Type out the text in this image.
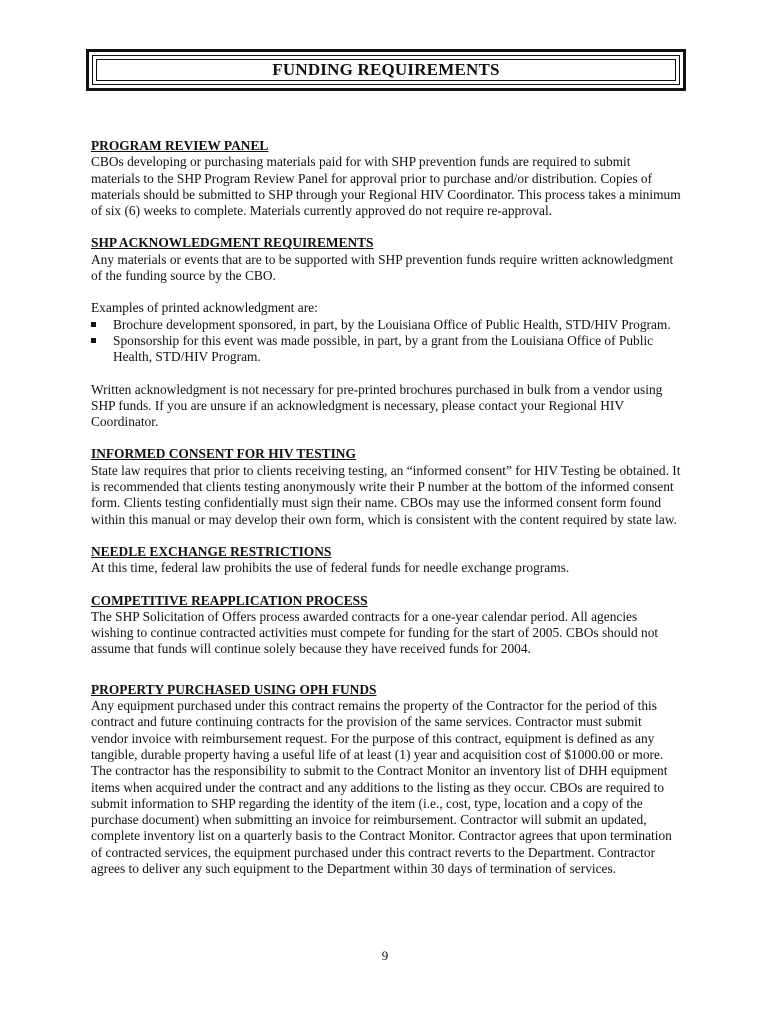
FUNDING REQUIREMENTS
PROGRAM REVIEW PANEL

CBOs developing or purchasing materials paid for with SHP prevention funds are required to submit materials to the SHP Program Review Panel for approval prior to purchase and/or distribution. Copies of materials should be submitted to SHP through your Regional HIV Coordinator. This process takes a minimum of six (6) weeks to complete. Materials currently approved do not require re-approval.

SHP ACKNOWLEDGMENT REQUIREMENTS

Any materials or events that are to be supported with SHP prevention funds require written acknowledgment of the funding source by the CBO.

Examples of printed acknowledgment are:

Brochure development sponsored, in part, by the Louisiana Office of Public Health, STD/HIV Program.
Sponsorship for this event was made possible, in part, by a grant from the Louisiana Office of Public Health, STD/HIV Program.

Written acknowledgment is not necessary for pre-printed brochures purchased in bulk from a vendor using SHP funds. If you are unsure if an acknowledgment is necessary, please contact your Regional HIV Coordinator.

INFORMED CONSENT FOR HIV TESTING

State law requires that prior to clients receiving testing, an “informed consent” for HIV Testing be obtained. It is recommended that clients testing anonymously write their P number at the bottom of the informed consent form. Clients testing confidentially must sign their name. CBOs may use the informed consent form found within this manual or may develop their own form, which is consistent with the content required by state law.

NEEDLE EXCHANGE RESTRICTIONS

At this time, federal law prohibits the use of federal funds for needle exchange programs.

COMPETITIVE REAPPLICATION PROCESS

The SHP Solicitation of Offers process awarded contracts for a one-year calendar period. All agencies wishing to continue contracted activities must compete for funding for the start of 2005. CBOs should not assume that funds will continue solely because they have received funds for 2004.

PROPERTY PURCHASED USING OPH FUNDS

Any equipment purchased under this contract remains the property of the Contractor for the period of this contract and future continuing contracts for the provision of the same services. Contractor must submit vendor invoice with reimbursement request. For the purpose of this contract, equipment is defined as any tangible, durable property having a useful life of at least (1) year and acquisition cost of $1000.00 or more. The contractor has the responsibility to submit to the Contract Monitor an inventory list of DHH equipment items when acquired under the contract and any additions to the listing as they occur. CBOs are required to submit information to SHP regarding the identity of the item (i.e., cost, type, location and a copy of the purchase document) when submitting an invoice for reimbursement. Contractor will submit an updated, complete inventory list on a quarterly basis to the Contract Monitor. Contractor agrees that upon termination of contracted services, the equipment purchased under this contract reverts to the Department. Contractor agrees to deliver any such equipment to the Department within 30 days of termination of services.

9
